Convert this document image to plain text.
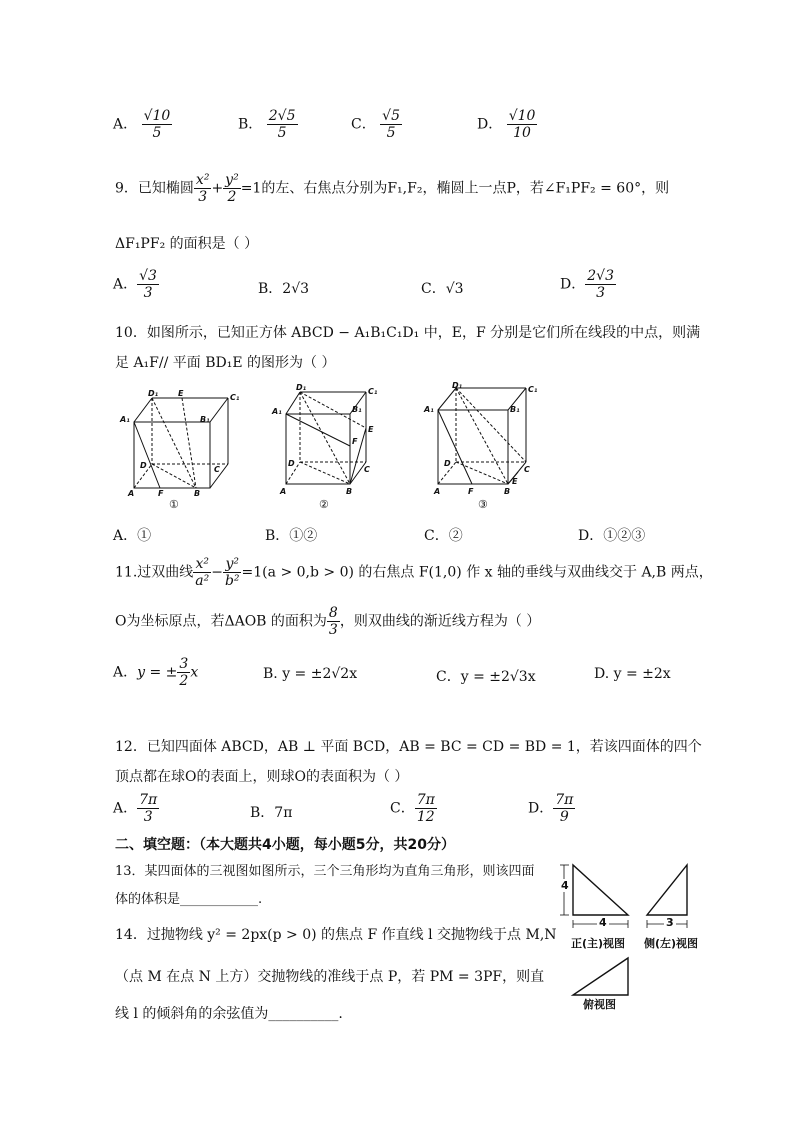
A． $\frac{√10}{5}$	B． $\frac{2√5}{5}$	C． $\frac{√5}{5}$	D． $\frac{√10}{10}$
9．已知椭圆 $\frac{\text{x²}}{3} + \frac{\text{y²}}{2} =1$的左、右焦点分别为F₁,F₂，椭圆上一点P，若∠F₁PF₂ = 60°，则
ΔF₁PF₂ 的面积是（ ）
A． $\frac{√3}{3}$	B．2√3	C．√3	D． $\frac{2√3}{3}$
10．如图所示，已知正方体 ABCD − A₁B₁C₁D₁ 中，E，F 分别是它们所在线段的中点，则满
足 A₁F// 平面 BD₁E 的图形为（ ）
D₁ E	C₁
A₁	B₁
D	C
A	F	B
D₁	C₁
A₁	B₁
E
F
D
C
A	B
D₁	C₁
A₁	B₁
D
C
A	F	B
E
①	②	③
A．①	B．①②	C．②	D．①②③
11.过双曲线 $\frac{\text{x²}}{\text{a²}} - \frac{\text{y²}}{\text{b²}} =1(a > 0,b > 0)$ 的右焦点 F(1,0) 作 x 轴的垂线与双曲线交于 A,B 两点，
O为坐标原点，若ΔAOB 的面积为 $\frac{8}{3}$ ，则双曲线的渐近线方程为（ ）
A．y = ± $\frac{3}{2}$ x	B. y = ±2√2x	C．y = ±2√3x	D. y = ±2x
12．已知四面体 ABCD，AB ⊥ 平面 BCD，AB = BC = CD = BD = 1，若该四面体的四个
顶点都在球O的表面上，则球O的表面积为（ ）
A． $\frac{7\pi}{3}$	B．7π	C． $\frac{7\pi}{12}$	D． $\frac{7\pi}{9}$
二、填空题：（本大题共4小题，每小题5分，共20分）
13．某四面体的三视图如图所示，三个三角形均为直角三角形，则该四面
体的体积是____________.
4
4	3
正(主)视图 侧(左)视图
俯视图
14．过抛物线 y² = 2px(p > 0) 的焦点 F 作直线 l 交抛物线于点 M,N
（点 M 在点 N 上方）交抛物线的准线于点 P，若 PM = 3PF，则直
线 l 的倾斜角的余弦值为__________.
